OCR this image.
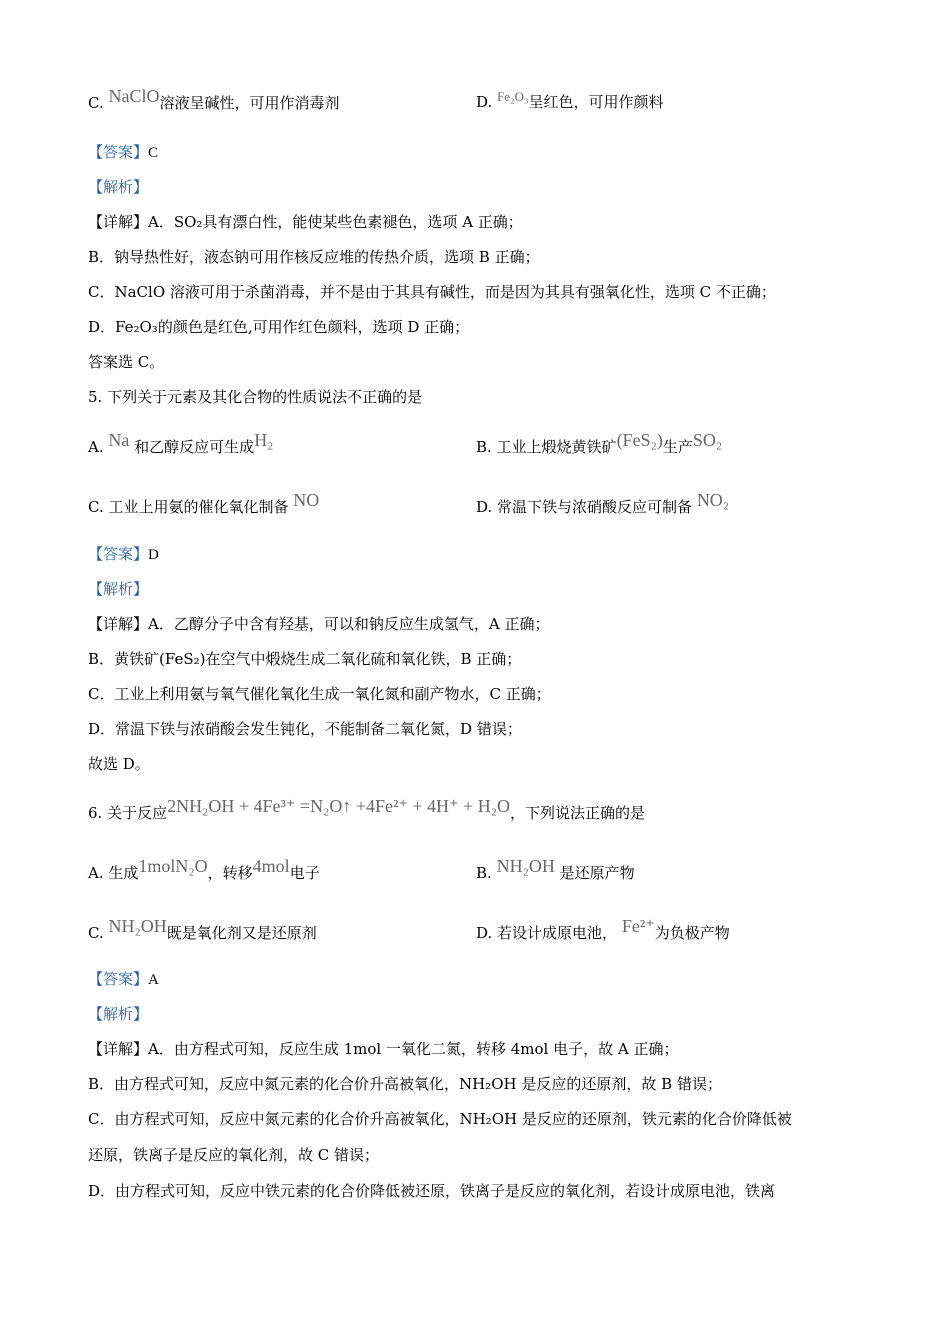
C. NaClO溶液呈碱性，可用作消毒剂	D. Fe₂O₃呈红色，可用作颜料
【答案】C
【解析】
【详解】A．SO₂具有漂白性，能使某些色素褪色，选项 A 正确；
B．钠导热性好，液态钠可用作核反应堆的传热介质，选项 B 正确；
C．NaClO 溶液可用于杀菌消毒，并不是由于其具有碱性，而是因为其具有强氧化性，选项 C 不正确；
D．Fe₂O₃的颜色是红色,可用作红色颜料，选项 D 正确；
答案选 C。
5. 下列关于元素及其化合物的性质说法不正确的是
A. Na 和乙醇反应可生成H₂	B. 工业上煅烧黄铁矿(FeS₂)生产SO₂
C. 工业上用氨的催化氧化制备 NO	D. 常温下铁与浓硝酸反应可制备 NO₂
【答案】D
【解析】
【详解】A．乙醇分子中含有羟基，可以和钠反应生成氢气，A 正确；
B．黄铁矿(FeS₂)在空气中煅烧生成二氧化硫和氧化铁，B 正确；
C．工业上利用氨与氧气催化氧化生成一氧化氮和副产物水，C 正确；
D．常温下铁与浓硝酸会发生钝化，不能制备二氧化氮，D 错误；
故选 D。
6. 关于反应2NH₂OH + 4Fe³⁺ =N₂O↑ +4Fe²⁺ + 4H⁺ + H₂O，下列说法正确的是
A. 生成1molN₂O，转移4mol电子	B. NH₂OH 是还原产物
C. NH₂OH既是氧化剂又是还原剂	D. 若设计成原电池， Fe²⁺为负极产物
【答案】A
【解析】
【详解】A．由方程式可知，反应生成 1mol 一氧化二氮，转移 4mol 电子，故 A 正确；
B．由方程式可知，反应中氮元素的化合价升高被氧化，NH₂OH 是反应的还原剂，故 B 错误；
C．由方程式可知，反应中氮元素的化合价升高被氧化，NH₂OH 是反应的还原剂，铁元素的化合价降低被
还原，铁离子是反应的氧化剂，故 C 错误；
D．由方程式可知，反应中铁元素的化合价降低被还原，铁离子是反应的氧化剂，若设计成原电池，铁离
